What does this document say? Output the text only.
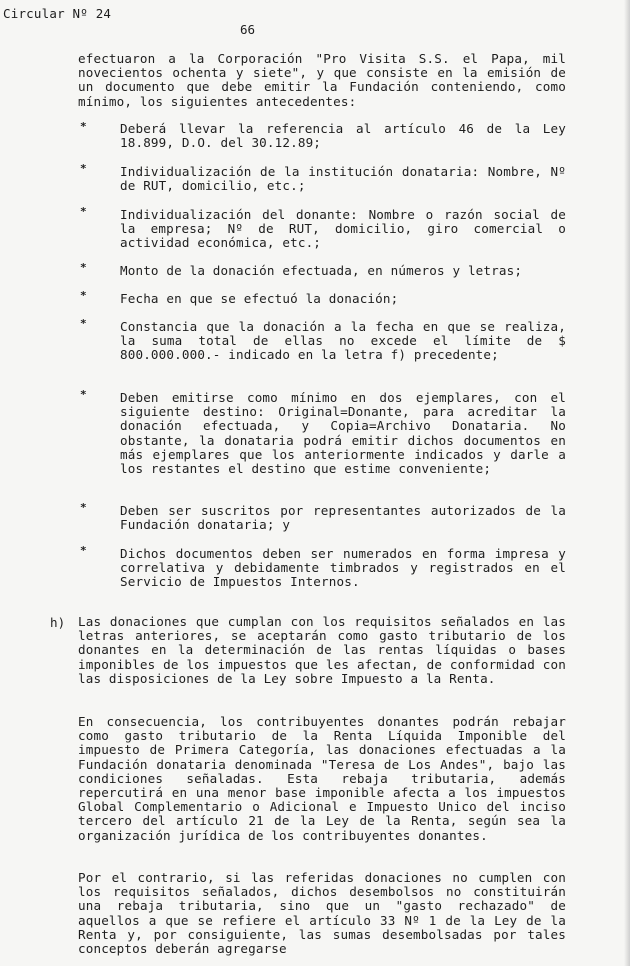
Circular Nº 24
66
efectuaron a la Corporación "Pro Visita S.S. el Papa, mil novecientos ochenta y siete", y que consiste en la emisión de un documento que debe emitir la Fundación conteniendo, como mínimo, los siguientes antecedentes:
*	Deberá llevar la referencia al artículo 46 de la Ley 18.899, D.O. del 30.12.89;
*	Individualización de la institución donataria: Nombre, Nº de RUT, domicilio, etc.;
*	Individualización del donante: Nombre o razón social de la empresa; Nº de RUT, domicilio, giro comercial o actividad económica, etc.;
*	Monto de la donación efectuada, en números y letras;
*	Fecha en que se efectuó la donación;
*	Constancia que la donación a la fecha en que se realiza, la suma total de ellas no excede el límite de $ 800.000.000.- indicado en la letra f) precedente;
*	Deben emitirse como mínimo en dos ejemplares, con el siguiente destino: Original=Donante, para acreditar la donación efectuada, y Copia=Archivo Donataria. No obstante, la donataria podrá emitir dichos documentos en más ejemplares que los anteriormente indicados y darle a los restantes el destino que estime conveniente;
*	Deben ser suscritos por representantes autorizados de la Fundación donataria; y
*	Dichos documentos deben ser numerados en forma impresa y correlativa y debidamente timbrados y registrados en el Servicio de Impuestos Internos.
h) Las donaciones que cumplan con los requisitos señalados en las letras anteriores, se aceptarán como gasto tributario de los donantes en la determinación de las rentas líquidas o bases imponibles de los impuestos que les afectan, de conformidad con las disposiciones de la Ley sobre Impuesto a la Renta.
En consecuencia, los contribuyentes donantes podrán rebajar como gasto tributario de la Renta Líquida Imponible del impuesto de Primera Categoría, las donaciones efectuadas a la Fundación donataria denominada "Teresa de Los Andes", bajo las condiciones señaladas. Esta rebaja tributaria, además repercutirá en una menor base imponible afecta a los impuestos Global Complementario o Adicional e Impuesto Unico del inciso tercero del artículo 21 de la Ley de la Renta, según sea la organización jurídica de los contribuyentes donantes.
Por el contrario, si las referidas donaciones no cumplen con los requisitos señalados, dichos desembolsos no constituirán una rebaja tributaria, sino que un "gasto rechazado" de aquellos a que se refiere el artículo 33 Nº 1 de la Ley de la Renta y, por consiguiente, las sumas desembolsadas por tales conceptos deberán agregarse
